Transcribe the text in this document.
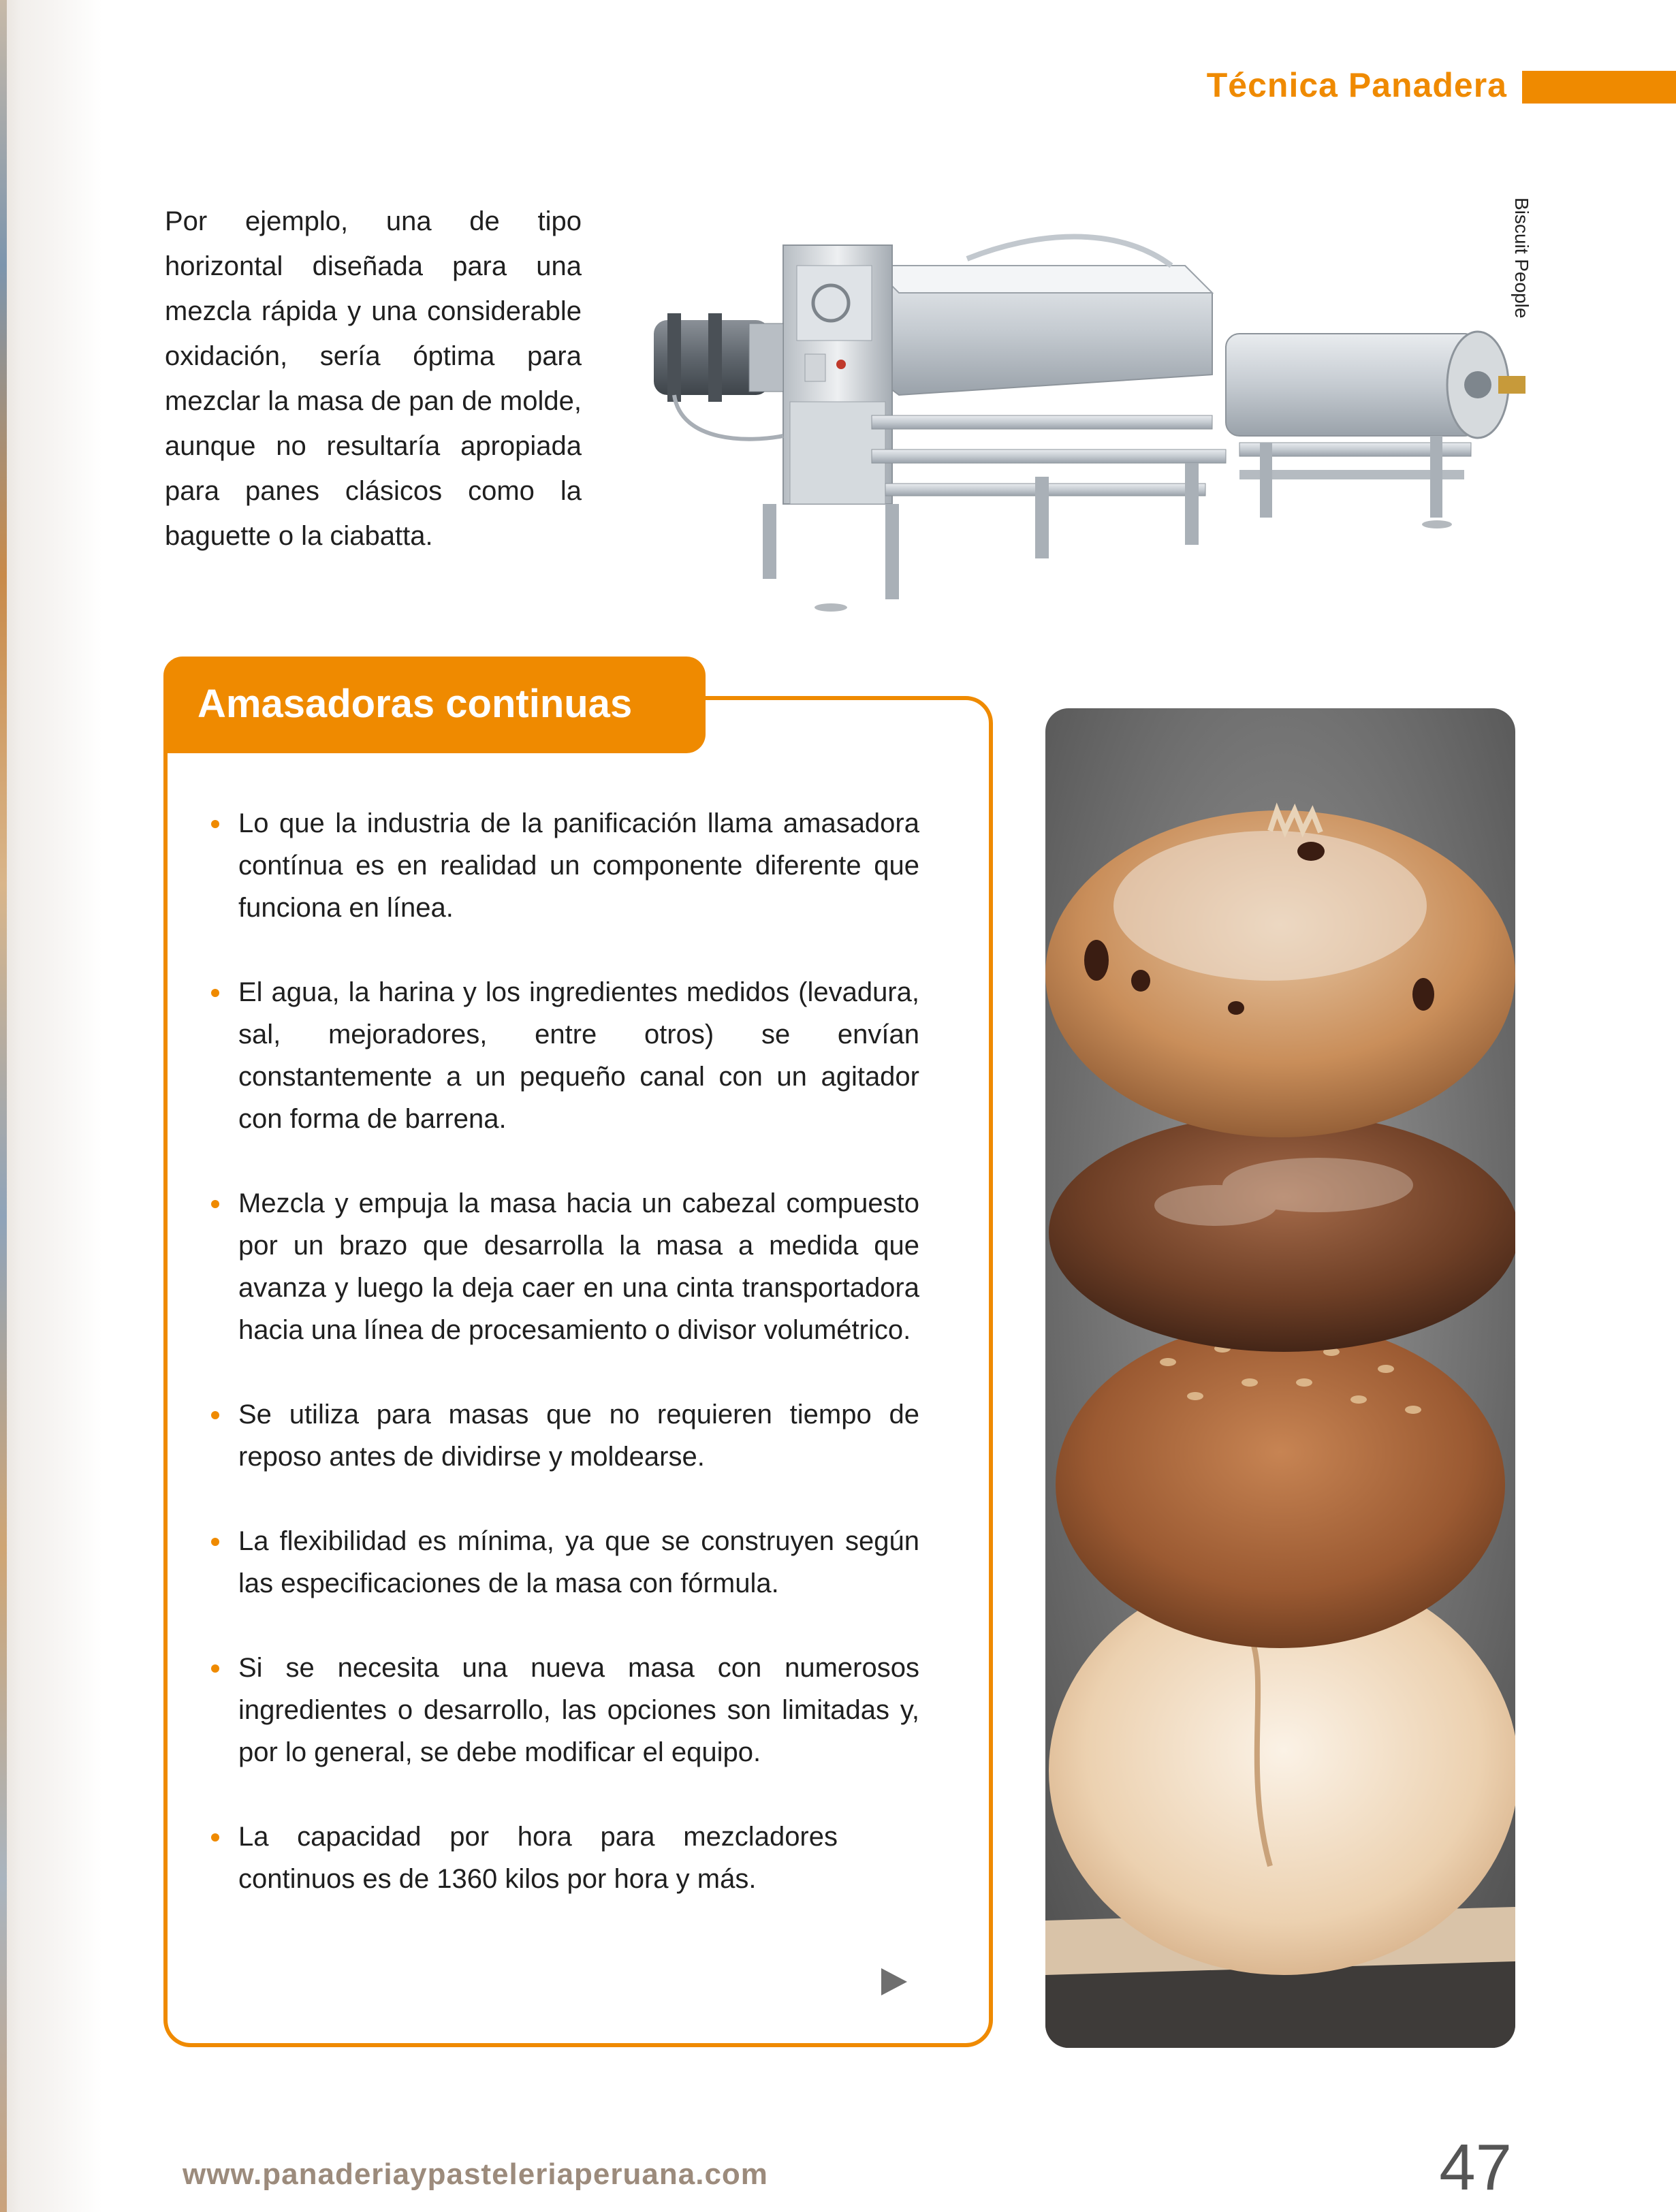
Técnica Panadera

Por ejemplo, una de tipo horizontal diseñada para una mezcla rápida y una considerable oxidación, sería óptima para mezclar la masa de pan de molde, aunque no resultaría apropiada para panes clásicos como la baguette o la ciabatta.

Biscuit People
Amasadoras continuas
Lo que la industria de la panificación llama amasadora contínua es en realidad un componente diferente que funciona en línea.
El agua, la harina y los ingredientes medidos (levadura, sal, mejoradores, entre otros) se envían constantemente a un pequeño canal con un agitador con forma de barrena.
Mezcla y empuja la masa hacia un cabezal compuesto por un brazo que desarrolla la masa a medida que avanza y luego la deja caer en una cinta transportadora hacia una línea de procesamiento o divisor volumétrico.
Se utiliza para masas que no requieren tiempo de reposo antes de dividirse y moldearse.
La flexibilidad es mínima, ya que se construyen según las especificaciones de la masa con fórmula.
Si se necesita una nueva masa con numerosos ingredientes o desarrollo, las opciones son limitadas y, por lo general, se debe modificar el equipo.
La capacidad por hora para mezcladores continuos es de 1360 kilos por hora y más.
www.panaderiaypasteleriaperuana.com	47
